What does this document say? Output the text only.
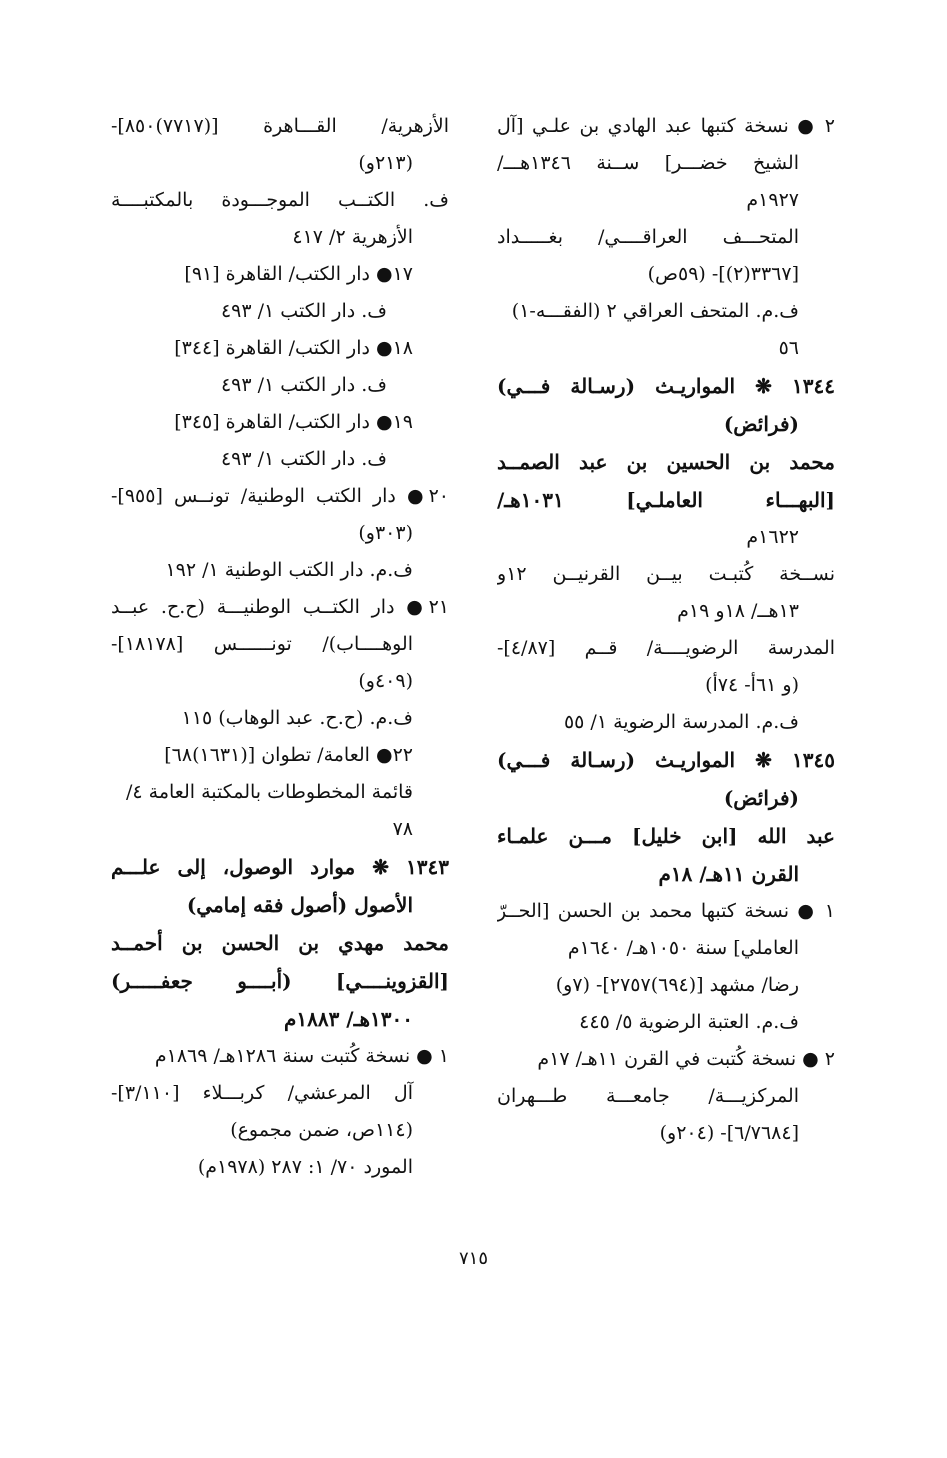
٢ ● نسخة كتبها عبد الهادي بن علـي [آل
الشيخ خضـــر] ســنة ١٣٤٦هـــ/
١٩٢٧م
المتحـــف العراقــــي/ بغـــــداد
[٣٣٦٧(٢)]- (٥٩ص)
ف.م. المتحف العراقي ٢ (الفقـــه-١)
٥٦
١٣٤٤ ❋ المواريـث (رسـالة فـــي)
(فرائض)
محمد بن الحسين بن عبد الصمــد
[البهـــاء العاملـي] ١٠٣١هـ/
١٦٢٢م
نســخة كُتبـت بيــن القرنيــن ١٢و
١٣هــ/ ١٨و ١٩م
المدرسة الرضويــــة/ قــم [٤/٨٧]-
(و ٦١أ- ٧٤أ)
ف.م. المدرسة الرضوية ١/ ٥٥
١٣٤٥ ❋ المواريـث (رسـالة فـــي)
(فرائض)
عبد الله [ابن خليل] مـــن علمـاء
القرن ١١هـ/ ١٨م
١ ● نسخة كتبها محمد بن الحسن [الحــرّ
العاملي] سنة ١٠٥٠هـ/ ١٦٤٠م
رضا/ مشهد [(٦٩٤)٢٧٥٧]- (٧و)
ف.م. العتبة الرضوية ٥/ ٤٤٥
٢ ● نسخة كُتبت في القرن ١١هـ/ ١٧م
المركزيـــة/ جامعـــة طـــهران
[٦/٧٦٨٤]- (٢٠٤و)
الأزهرية/ القـــاهرة [(٧٧١٧)٨٥٠]-
(٢١٣و)
ف. الكتــب الموجـــودة بالمكتبــــة
الأزهرية ٢/ ٤١٧
١٧● دار الكتب/ القاهرة [٩١]
ف. دار الكتب ١/ ٤٩٣
١٨● دار الكتب/ القاهرة [٣٤٤]
ف. دار الكتب ١/ ٤٩٣
١٩● دار الكتب/ القاهرة [٣٤٥]
ف. دار الكتب ١/ ٤٩٣
٢٠● دار الكتب الوطنية/ تونــس [٩٥٥]-
(٣٠٣و)
ف.م. دار الكتب الوطنية ١/ ١٩٢
٢١● دار الكتــب الوطنيـــة (ح.ح. عبــد
الوهــــاب)/ تونــــــس [١٨١٧٨]-
(٤٠٩و)
ف.م. (ح.ح. عبد الوهاب) ١١٥
٢٢● العامة/ تطوان [(١٦٣١)٦٨]
قائمة المخطوطات بالمكتبة العامة ٤/
٧٨
١٣٤٣ ❋ موارد الوصول، إلى علـــم
الأصول (أصول فقه إمامي)
محمد مهدي بن الحسن بن أحمــد
[القزوينــــي] (أبــــو جعفـــــر)
١٣٠٠هـ/ ١٨٨٣م
١ ● نسخة كُتبت سنة ١٢٨٦هـ/ ١٨٦٩م
آل المرعشي/ كربـــلاء [٣/١١٠]-
(١١٤ص، ضمن مجموع)
المورد ٧٠/ ١: ٢٨٧ (١٩٧٨م)
٧١٥
